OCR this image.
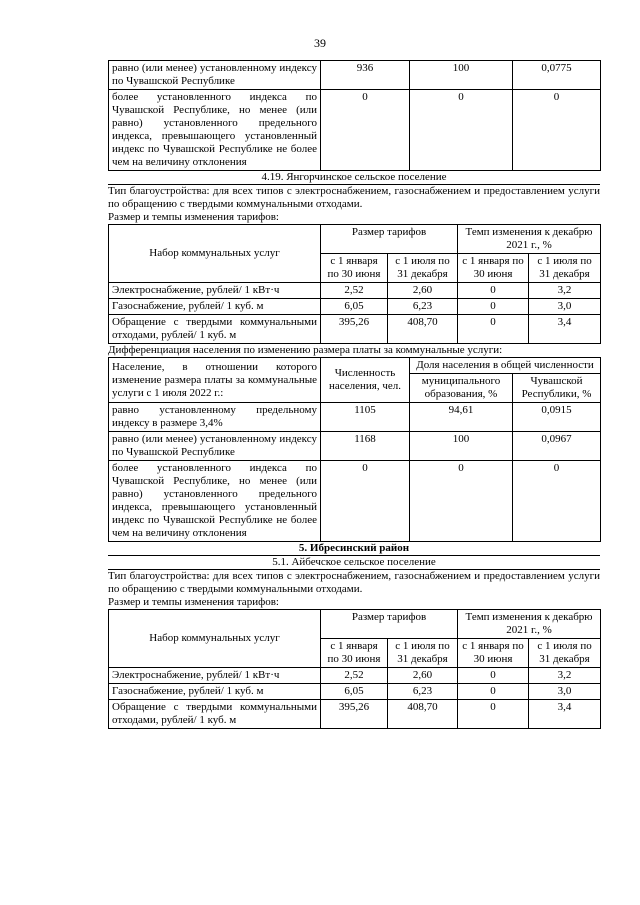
39
равно (или менее) установленному индексу по Чувашской Республике	936	100	0,0775
более установленного индекса по Чувашской Республике, но менее (или равно) установленного предельного индекса, превышающего установленный индекс по Чувашской Республике не более чем на величину отклонения	0	0	0
4.19. Янгорчинское сельское поселение
Тип благоустройства: для всех типов с электроснабжением, газоснабжением и предоставлением услуги по обращению с твердыми коммунальными отходами.
Размер и темпы изменения тарифов:
Набор коммунальных услуг	Размер тарифов		Темп изменения к декабрю 2021 г., %	
	с 1 января по 30 июня	с 1 июля по 31 декабря	с 1 января по 30 июня	с 1 июля по 31 декабря
Электроснабжение, рублей/ 1 кВт·ч	2,52	2,60	0	3,2
Газоснабжение, рублей/ 1 куб. м	6,05	6,23	0	3,0
Обращение с твердыми коммунальными отходами, рублей/ 1 куб. м	395,26	408,70	0	3,4
Дифференциация населения по изменению размера платы за коммунальные услуги:
Население, в отношении которого изменение размера платы за коммунальные услуги с 1 июля 2022 г.:	Численность населения, чел.	Доля населения в общей численности	
		муниципального образования, %	Чувашской Республики, %
равно установленному предельному индексу в размере 3,4%	1105	94,61	0,0915
равно (или менее) установленному индексу по Чувашской Республике	1168	100	0,0967
более установленного индекса по Чувашской Республике, но менее (или равно) установленного предельного индекса, превышающего установленный индекс по Чувашской Республике не более чем на величину отклонения	0	0	0
5. Ибресинский район
5.1. Айбечское сельское поселение
Тип благоустройства: для всех типов с электроснабжением, газоснабжением и предоставлением услуги по обращению с твердыми коммунальными отходами.
Размер и темпы изменения тарифов:
Набор коммунальных услуг	Размер тарифов		Темп изменения к декабрю 2021 г., %	
	с 1 января по 30 июня	с 1 июля по 31 декабря	с 1 января по 30 июня	с 1 июля по 31 декабря
Электроснабжение, рублей/ 1 кВт·ч	2,52	2,60	0	3,2
Газоснабжение, рублей/ 1 куб. м	6,05	6,23	0	3,0
Обращение с твердыми коммунальными отходами, рублей/ 1 куб. м	395,26	408,70	0	3,4
